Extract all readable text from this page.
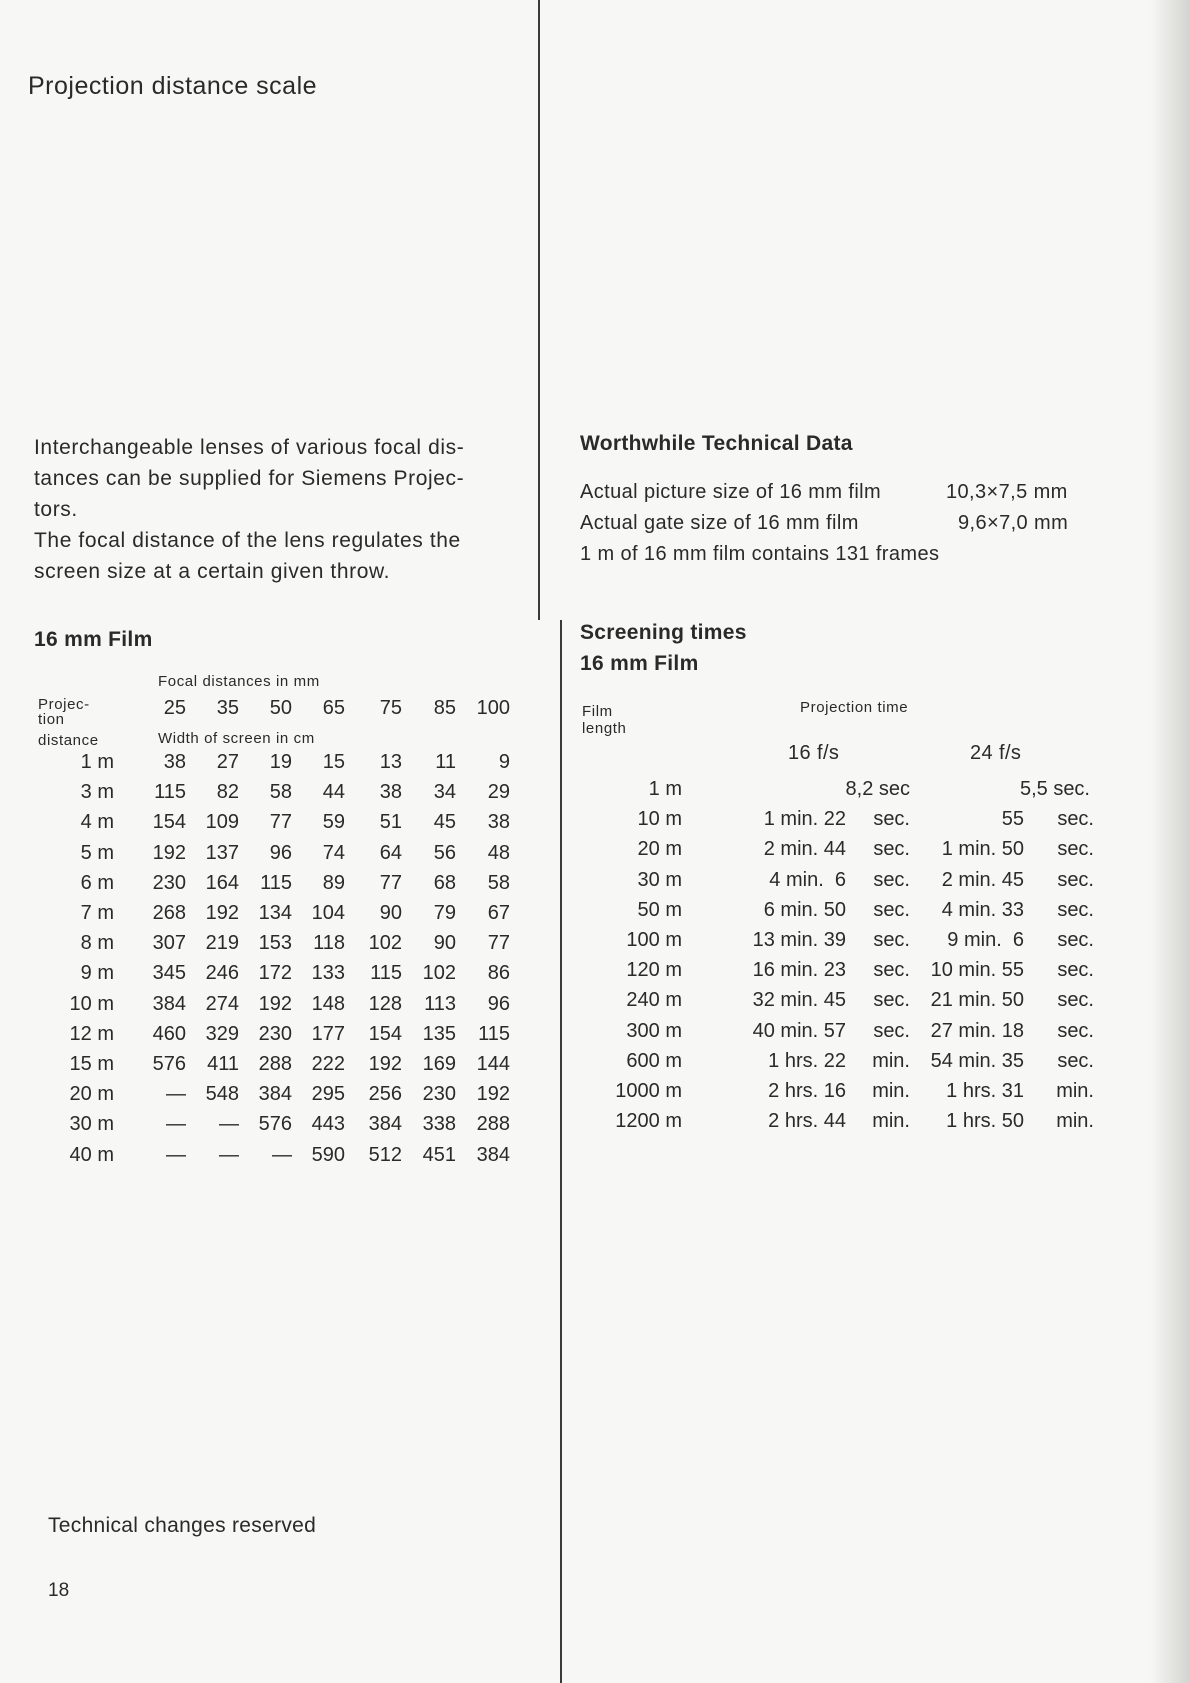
Projection distance scale

Interchangeable lenses of various focal dis-

tances can be supplied for Siemens Projec-

tors.

The focal distance of the lens regulates the

screen size at a certain given throw.

16 mm Film
Focal distances in mm
Projec-
tion
distance	Width of screen in cm
25	35	50	65	75	85 100
1 m	38	27	19	15	13	11	9
3 m 115	82	58	44	38	34	29
4 m 154 109	77	59	51	45	38
5 m 192 137	96	74	64	56	48
6 m 230 164 115	89	77	68	58
7 m 268 192 134 104	90	79	67
8 m 307 219 153 118 102	90	77
9 m 345 246 172 133 115 102	86
10 m 384 274 192 148 128 113	96
12 m 460 329 230 177 154 135	115
15 m 576 411 288 222 192 169 144
20 m	— 548 384 295 256 230 192
30 m	—	— 576 443 384 338 288
40 m	—	—	— 590 512 451 384
Worthwhile Technical Data
Actual picture size of 16 mm film	10,3×7,5 mm
Actual gate size of 16 mm film	9,6×7,0 mm
1 m of 16 mm film contains 131 frames
Screening times
16 mm Film
Film
length
Projection time
16 f/s	24 f/s
1 m	8,2 sec	5,5 sec.
10 m	1 min. 22	sec.	55	sec.
20 m	2 min. 44	sec.	1 min. 50	sec.
30 m	4 min.  6	sec.	2 min. 45	sec.
50 m	6 min. 50	sec.	4 min. 33	sec.
100 m	13 min. 39	sec.	9 min.  6	sec.
120 m	16 min. 23	sec.	10 min. 55	sec.
240 m	32 min. 45	sec.	21 min. 50	sec.
300 m	40 min. 57	sec.	27 min. 18	sec.
600 m	1 hrs. 22	min.	54 min. 35	sec.
1000 m	2 hrs. 16	min.	1 hrs. 31	min.
1200 m	2 hrs. 44	min.	1 hrs. 50	min.
Technical changes reserved
18
